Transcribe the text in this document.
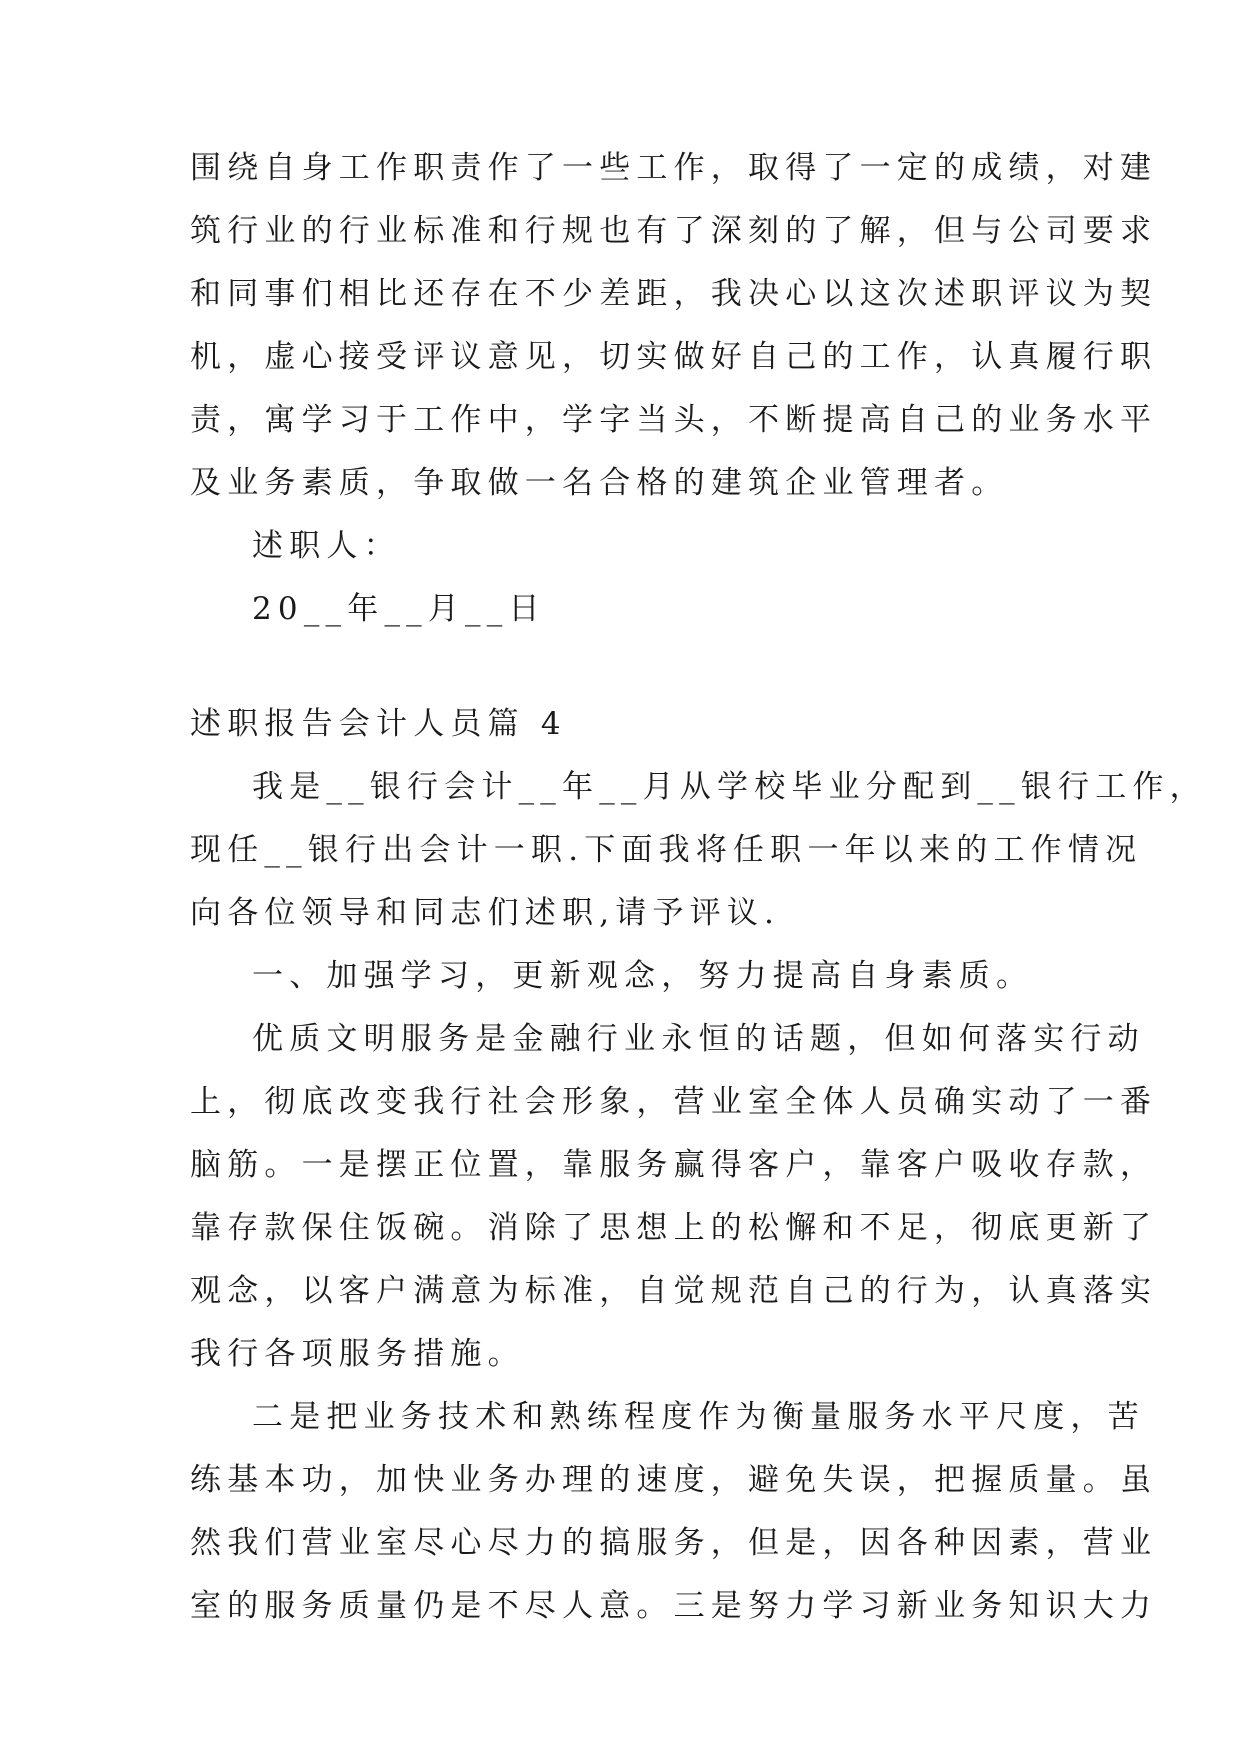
围绕自身工作职责作了一些工作，取得了一定的成绩，对建
筑行业的行业标准和行规也有了深刻的了解，但与公司要求
和同事们相比还存在不少差距，我决心以这次述职评议为契
机，虚心接受评议意见，切实做好自己的工作，认真履行职
责，寓学习于工作中，学字当头，不断提高自己的业务水平
及业务素质，争取做一名合格的建筑企业管理者。
述职人：
20__年__月__日
述职报告会计人员篇 4
我是__银行会计__年__月从学校毕业分配到__银行工作，
现任__银行出会计一职.下面我将任职一年以来的工作情况
向各位领导和同志们述职,请予评议.
一、加强学习，更新观念，努力提高自身素质。
优质文明服务是金融行业永恒的话题，但如何落实行动
上，彻底改变我行社会形象，营业室全体人员确实动了一番
脑筋。一是摆正位置，靠服务赢得客户，靠客户吸收存款，
靠存款保住饭碗。消除了思想上的松懈和不足，彻底更新了
观念，以客户满意为标准，自觉规范自己的行为，认真落实
我行各项服务措施。
二是把业务技术和熟练程度作为衡量服务水平尺度，苦
练基本功，加快业务办理的速度，避免失误，把握质量。虽
然我们营业室尽心尽力的搞服务，但是，因各种因素，营业
室的服务质量仍是不尽人意。三是努力学习新业务知识大力
